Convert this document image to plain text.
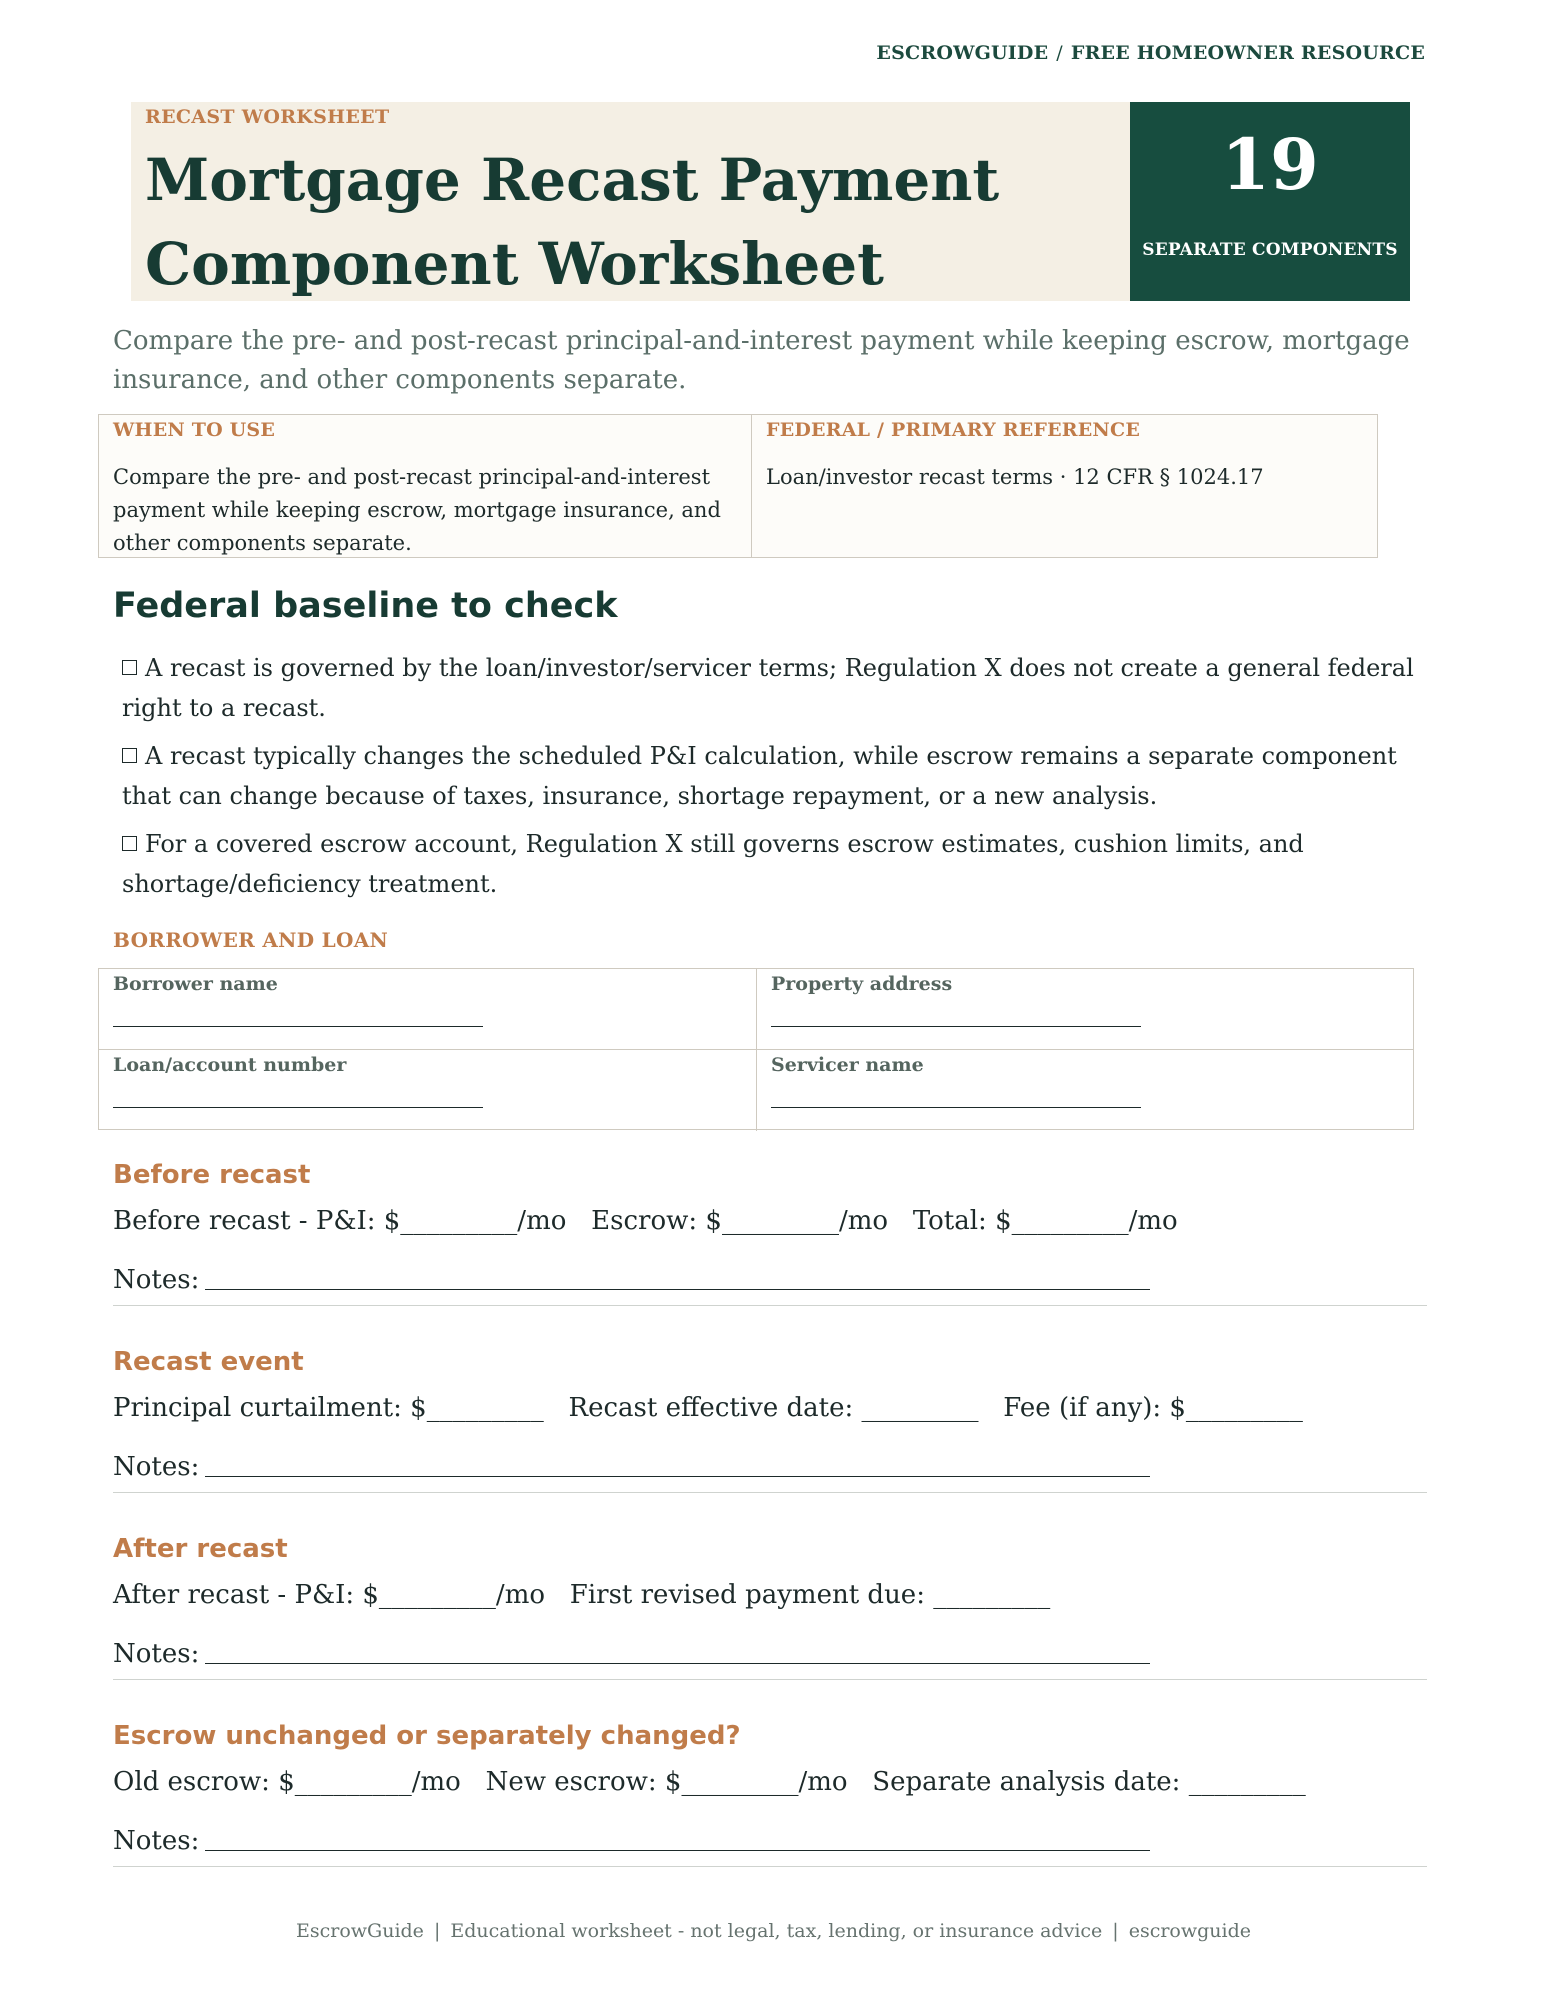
ESCROWGUIDE / FREE HOMEOWNER RESOURCE
RECAST WORKSHEET
Mortgage Recast Payment Component Worksheet
19
SEPARATE COMPONENTS
Compare the pre- and post-recast principal-and-interest payment while keeping escrow, mortgage insurance, and other components separate.
WHEN TO USE
Compare the pre- and post-recast principal-and-interest payment while keeping escrow, mortgage insurance, and other components separate.
FEDERAL / PRIMARY REFERENCE
Loan/investor recast terms · 12 CFR § 1024.17
Federal baseline to check
A recast is governed by the loan/investor/servicer terms; Regulation X does not create a general federal right to a recast.
A recast typically changes the scheduled P&I calculation, while escrow remains a separate component that can change because of taxes, insurance, shortage repayment, or a new analysis.
For a covered escrow account, Regulation X still governs escrow estimates, cushion limits, and shortage/deficiency treatment.
BORROWER AND LOAN
Borrower name	Property address
Loan/account number	Servicer name
Before recast
Before recast - P&I: $_________/mo   Escrow: $_________/mo   Total: $_________/mo
Notes:
Recast event
Principal curtailment: $_________   Recast effective date: _________   Fee (if any): $_________
Notes:
After recast
After recast - P&I: $_________/mo   First revised payment due: _________
Notes:
Escrow unchanged or separately changed?
Old escrow: $_________/mo   New escrow: $_________/mo   Separate analysis date: _________
Notes:
EscrowGuide | Educational worksheet - not legal, tax, lending, or insurance advice | escrowguide
